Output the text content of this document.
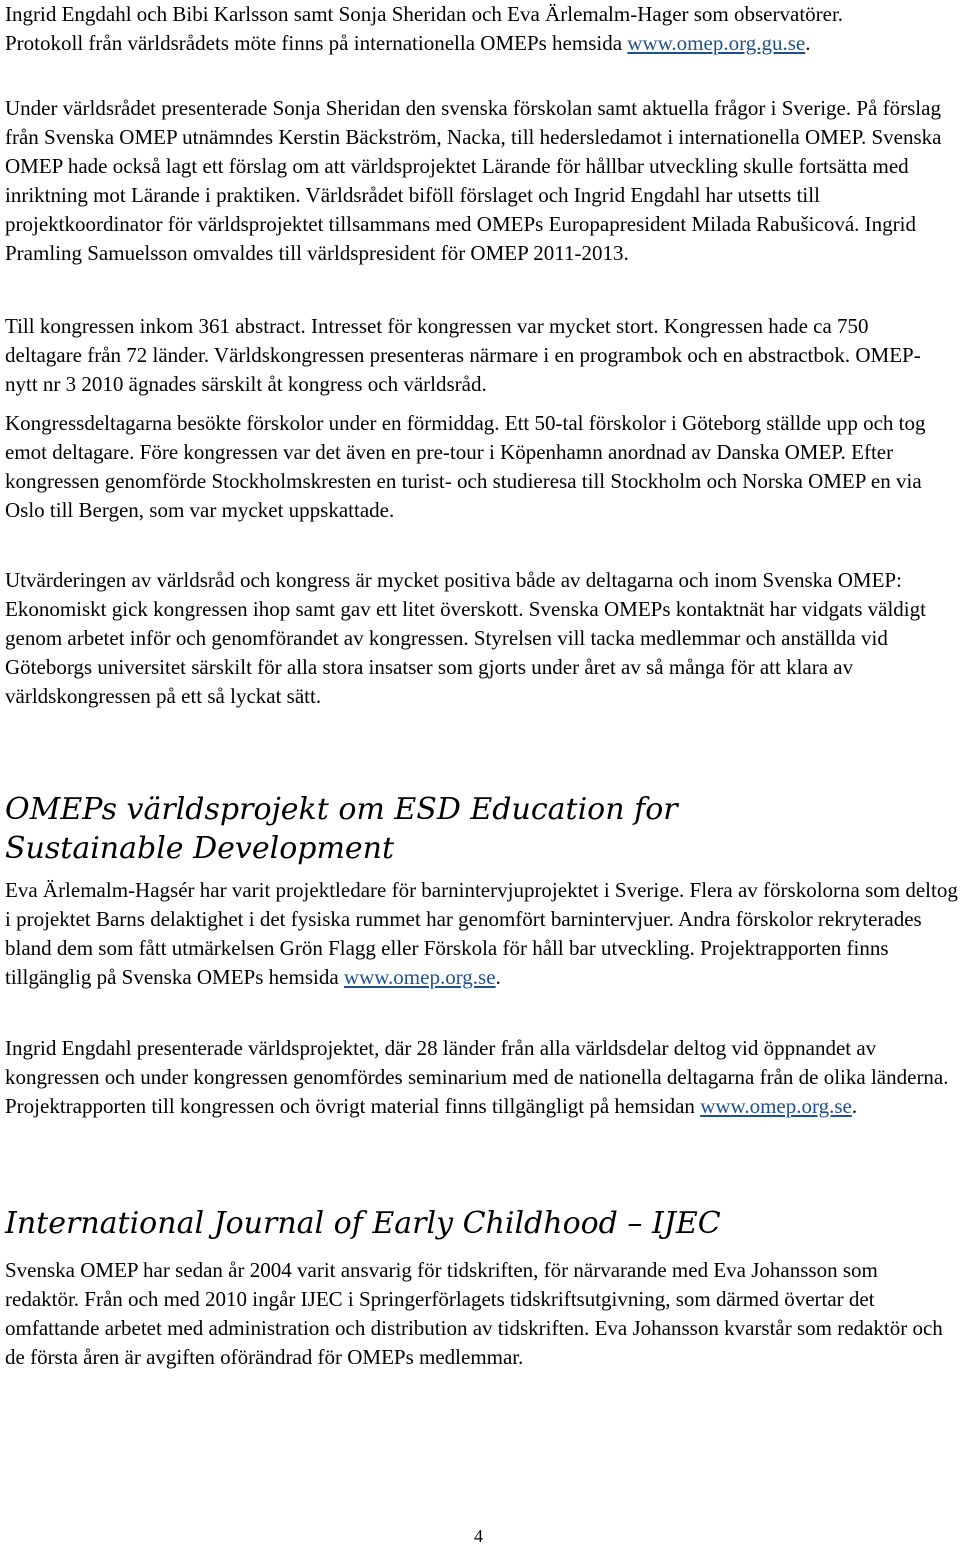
Ingrid Engdahl och Bibi Karlsson samt Sonja Sheridan och Eva Ärlemalm-Hager som observatörer. Protokoll från världsrådets möte finns på internationella OMEPs hemsida www.omep.org.gu.se.

Under världsrådet presenterade Sonja Sheridan den svenska förskolan samt aktuella frågor i Sverige. På förslag från Svenska OMEP utnämndes Kerstin Bäckström, Nacka, till hedersledamot i internationella OMEP. Svenska OMEP hade också lagt ett förslag om att världsprojektet Lärande för hållbar utveckling skulle fortsätta med inriktning mot Lärande i praktiken. Världsrådet biföll förslaget och Ingrid Engdahl har utsetts till projektkoordinator för världsprojektet tillsammans med OMEPs Europapresident Milada Rabušicová. Ingrid Pramling Samuelsson omvaldes till världspresident för OMEP 2011-2013.

Till kongressen inkom 361 abstract. Intresset för kongressen var mycket stort. Kongressen hade ca 750 deltagare från 72 länder. Världskongressen presenteras närmare i en programbok och en abstractbok. OMEP- nytt nr 3 2010 ägnades särskilt åt kongress och världsråd.

Kongressdeltagarna besökte förskolor under en förmiddag. Ett 50-tal förskolor i Göteborg ställde upp och tog emot deltagare. Före kongressen var det även en pre-tour i Köpenhamn anordnad av Danska OMEP. Efter kongressen genomförde Stockholmskresten en turist- och studieresa till Stockholm och Norska OMEP en via Oslo till Bergen, som var mycket uppskattade.

Utvärderingen av världsråd och kongress är mycket positiva både av deltagarna och inom Svenska OMEP: Ekonomiskt gick kongressen ihop samt gav ett litet överskott. Svenska OMEPs kontaktnät har vidgats väldigt genom arbetet inför och genomförandet av kongressen. Styrelsen vill tacka medlemmar och anställda vid Göteborgs universitet särskilt för alla stora insatser som gjorts under året av så många för att klara av världskongressen på ett så lyckat sätt.

OMEPs världsprojekt om ESD Education for Sustainable Development

Eva Ärlemalm-Hagsér har varit projektledare för barnintervjuprojektet i Sverige. Flera av förskolorna som deltog i projektet Barns delaktighet i det fysiska rummet har genomfört barnintervjuer. Andra förskolor rekryterades bland dem som fått utmärkelsen Grön Flagg eller Förskola för håll bar utveckling. Projektrapporten finns tillgänglig på Svenska OMEPs hemsida www.omep.org.se.

Ingrid Engdahl presenterade världsprojektet, där 28 länder från alla världsdelar deltog vid öppnandet av kongressen och under kongressen genomfördes seminarium med de nationella deltagarna från de olika länderna. Projektrapporten till kongressen och övrigt material finns tillgängligt på hemsidan www.omep.org.se.

International Journal of Early Childhood – IJEC

Svenska OMEP har sedan år 2004 varit ansvarig för tidskriften, för närvarande med Eva Johansson som redaktör. Från och med 2010 ingår IJEC i Springerförlagets tidskriftsutgivning, som därmed övertar det omfattande arbetet med administration och distribution av tidskriften. Eva Johansson kvarstår som redaktör och de första åren är avgiften oförändrad för OMEPs medlemmar.

4
